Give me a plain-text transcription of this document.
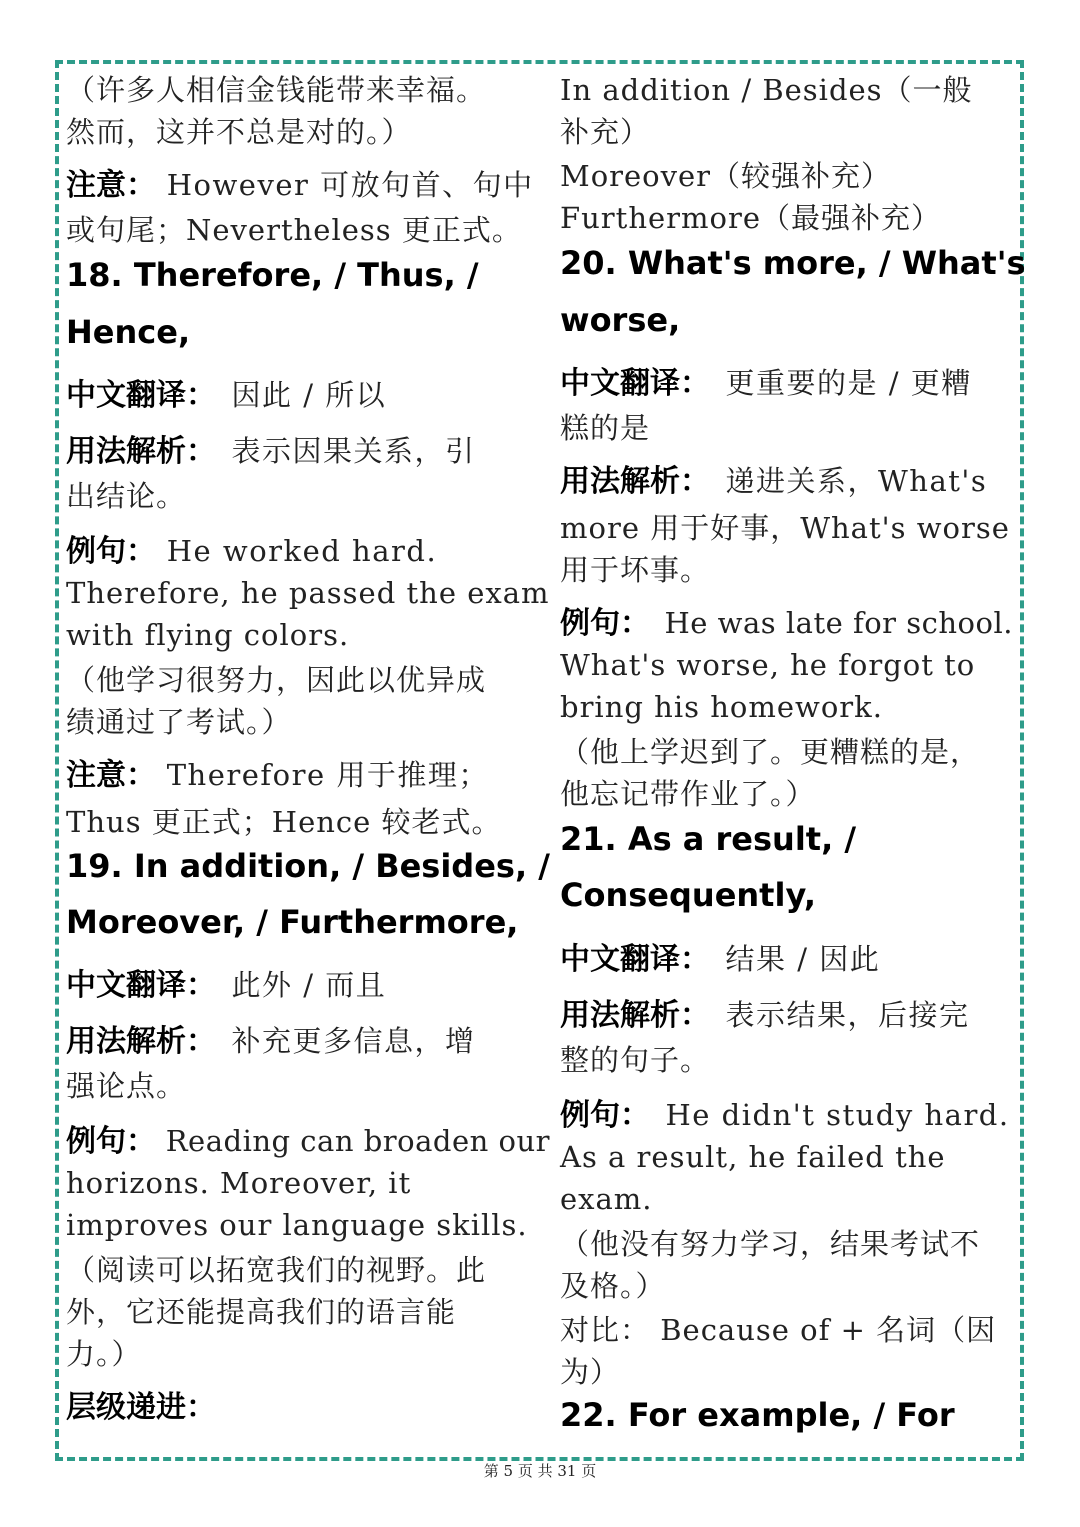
（许多人相信金钱能带来幸福。
然而，这并不总是对的。）
注意： However 可放句首、句中
或句尾；Nevertheless 更正式。
18. Therefore, / Thus, /
Hence,
中文翻译：　因此 / 所以
用法解析：　表示因果关系，引
出结论。
例句： He worked hard.
Therefore, he passed the exam
with flying colors.
（他学习很努力，因此以优异成
绩通过了考试。）
注意： Therefore 用于推理；
Thus 更正式；Hence 较老式。
19. In addition, / Besides, /
Moreover, / Furthermore,
中文翻译：　此外 / 而且
用法解析：　补充更多信息，增
强论点。
例句： Reading can broaden our
horizons. Moreover, it
improves our language skills.
（阅读可以拓宽我们的视野。此
外，它还能提高我们的语言能
力。）
层级递进：
In addition / Besides（一般
补充）
Moreover（较强补充）
Furthermore（最强补充）
20. What's more, / What's
worse,
中文翻译：　更重要的是 / 更糟
糕的是
用法解析：　递进关系，What's
more 用于好事，What's worse
用于坏事。
例句：　He was late for school.
What's worse, he forgot to
bring his homework.
（他上学迟到了。更糟糕的是，
他忘记带作业了。）
21. As a result, /
Consequently,
中文翻译：　结果 / 因此
用法解析：　表示结果，后接完
整的句子。
例句：　He didn't study hard.
As a result, he failed the
exam.
（他没有努力学习，结果考试不
及格。）
对比： Because of + 名词（因
为）
22. For example, / For
第 5 页 共 31 页
